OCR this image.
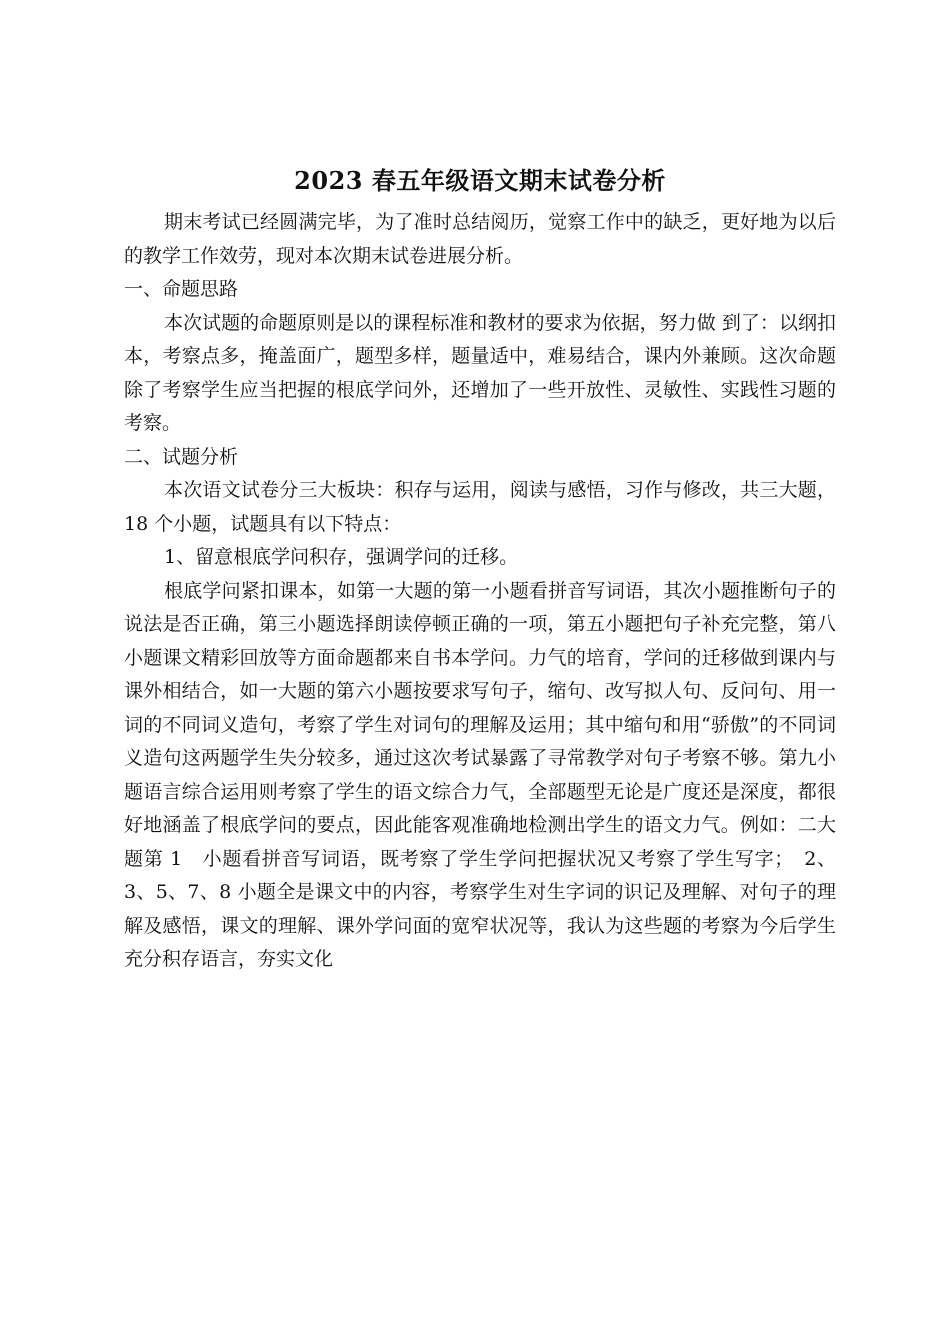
2023 春五年级语文期末试卷分析

期末考试已经圆满完毕，为了准时总结阅历，觉察工作中的缺乏，更好地为以后的教学工作效劳，现对本次期末试卷进展分析。

一、命题思路

本次试题的命题原则是以的课程标准和教材的要求为依据，努力做 到了：以纲扣本，考察点多，掩盖面广，题型多样，题量适中，难易结合，课内外兼顾。这次命题除了考察学生应当把握的根底学问外，还增加了一些开放性、灵敏性、实践性习题的考察。

二、试题分析

本次语文试卷分三大板块：积存与运用，阅读与感悟，习作与修改，共三大题，18 个小题，试题具有以下特点：

1、留意根底学问积存，强调学问的迁移。

根底学问紧扣课本，如第一大题的第一小题看拼音写词语，其次小题推断句子的说法是否正确，第三小题选择朗读停顿正确的一项，第五小题把句子补充完整，第八小题课文精彩回放等方面命题都来自书本学问。力气的培育，学问的迁移做到课内与课外相结合，如一大题的第六小题按要求写句子，缩句、改写拟人句、反问句、用一词的不同词义造句，考察了学生对词句的理解及运用；其中缩句和用“骄傲”的不同词义造句这两题学生失分较多，通过这次考试暴露了寻常教学对句子考察不够。第九小题语言综合运用则考察了学生的语文综合力气，全部题型无论是广度还是深度，都很好地涵盖了根底学问的要点，因此能客观准确地检测出学生的语文力气。例如：二大题第 1　小题看拼音写词语，既考察了学生学问把握状况又考察了学生写字；　2、3、5、7、8 小题全是课文中的内容，考察学生对生字词的识记及理解、对句子的理解及感悟，课文的理解、课外学问面的宽窄状况等，我认为这些题的考察为今后学生充分积存语言，夯实文化
